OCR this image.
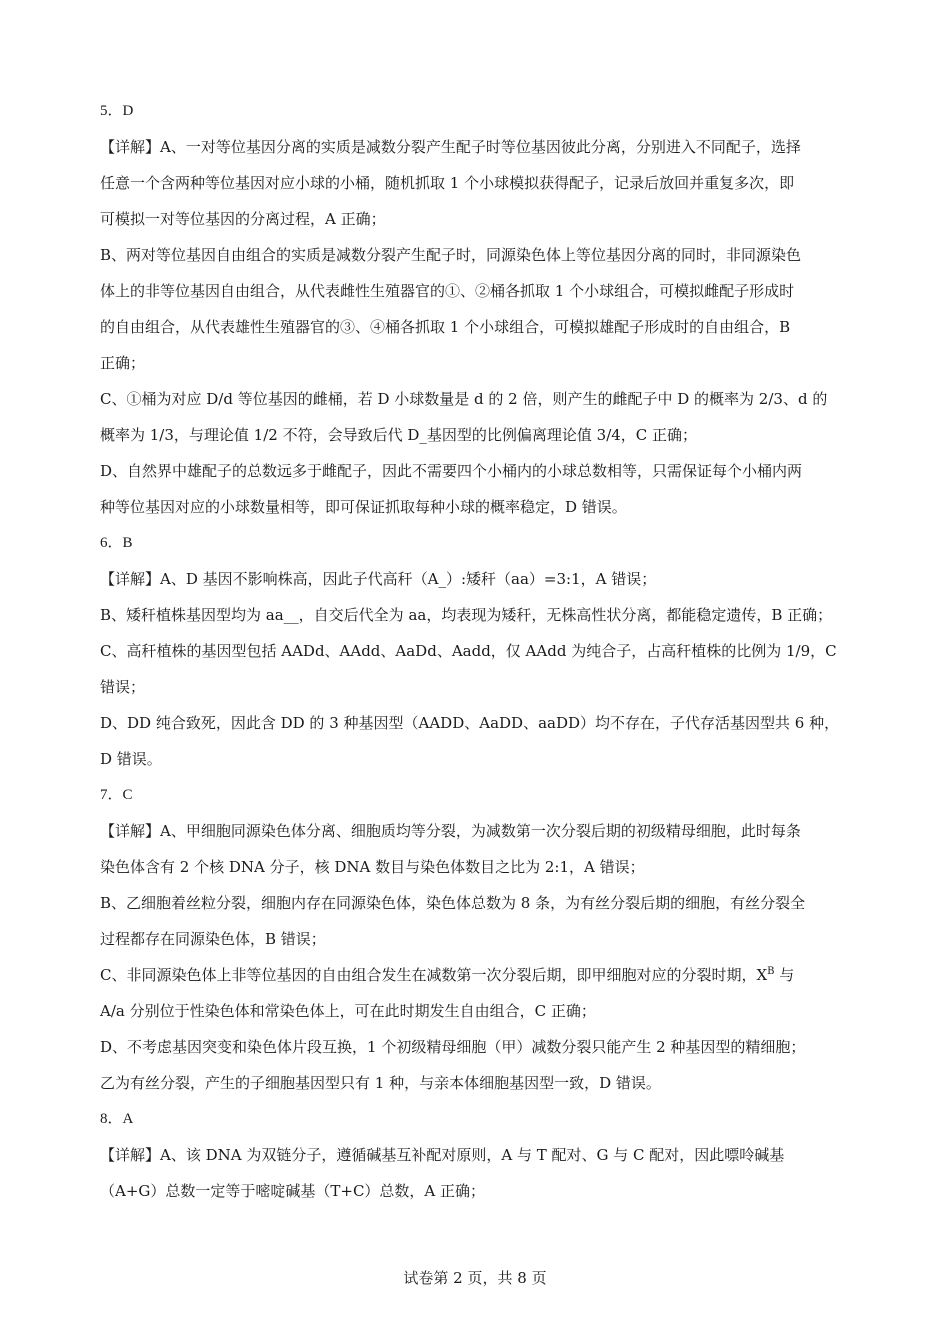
5．D
【详解】A、一对等位基因分离的实质是减数分裂产生配子时等位基因彼此分离，分别进入不同配子，选择
任意一个含两种等位基因对应小球的小桶，随机抓取 1 个小球模拟获得配子，记录后放回并重复多次，即
可模拟一对等位基因的分离过程，A 正确；
B、两对等位基因自由组合的实质是减数分裂产生配子时，同源染色体上等位基因分离的同时，非同源染色
体上的非等位基因自由组合，从代表雌性生殖器官的①、②桶各抓取 1 个小球组合，可模拟雌配子形成时
的自由组合，从代表雄性生殖器官的③、④桶各抓取 1 个小球组合，可模拟雄配子形成时的自由组合，B
正确；
C、①桶为对应 D/d 等位基因的雌桶，若 D 小球数量是 d 的 2 倍，则产生的雌配子中 D 的概率为 2/3、d 的
概率为 1/3，与理论值 1/2 不符，会导致后代 D_基因型的比例偏离理论值 3/4，C 正确；
D、自然界中雄配子的总数远多于雌配子，因此不需要四个小桶内的小球总数相等，只需保证每个小桶内两
种等位基因对应的小球数量相等，即可保证抓取每种小球的概率稳定，D 错误。
6．B
【详解】A、D 基因不影响株高，因此子代高秆（A_）:矮秆（aa）=3:1，A 错误；
B、矮秆植株基因型均为 aa__，自交后代全为 aa，均表现为矮秆，无株高性状分离，都能稳定遗传，B 正确；
C、高秆植株的基因型包括 AADd、AAdd、AaDd、Aadd，仅 AAdd 为纯合子，占高秆植株的比例为 1/9，C
错误；
D、DD 纯合致死，因此含 DD 的 3 种基因型（AADD、AaDD、aaDD）均不存在，子代存活基因型共 6 种，
D 错误。
7．C
【详解】A、甲细胞同源染色体分离、细胞质均等分裂，为减数第一次分裂后期的初级精母细胞，此时每条
染色体含有 2 个核 DNA 分子，核 DNA 数目与染色体数目之比为 2:1，A 错误；
B、乙细胞着丝粒分裂，细胞内存在同源染色体，染色体总数为 8 条，为有丝分裂后期的细胞，有丝分裂全
过程都存在同源染色体，B 错误；
C、非同源染色体上非等位基因的自由组合发生在减数第一次分裂后期，即甲细胞对应的分裂时期，$X^B$ 与
A/a 分别位于性染色体和常染色体上，可在此时期发生自由组合，C 正确；
D、不考虑基因突变和染色体片段互换，1 个初级精母细胞（甲）减数分裂只能产生 2 种基因型的精细胞；
乙为有丝分裂，产生的子细胞基因型只有 1 种，与亲本体细胞基因型一致，D 错误。
8．A
【详解】A、该 DNA 为双链分子，遵循碱基互补配对原则，A 与 T 配对、G 与 C 配对，因此嘌呤碱基
（A+G）总数一定等于嘧啶碱基（T+C）总数，A 正确；
试卷第 2 页，共 8 页
